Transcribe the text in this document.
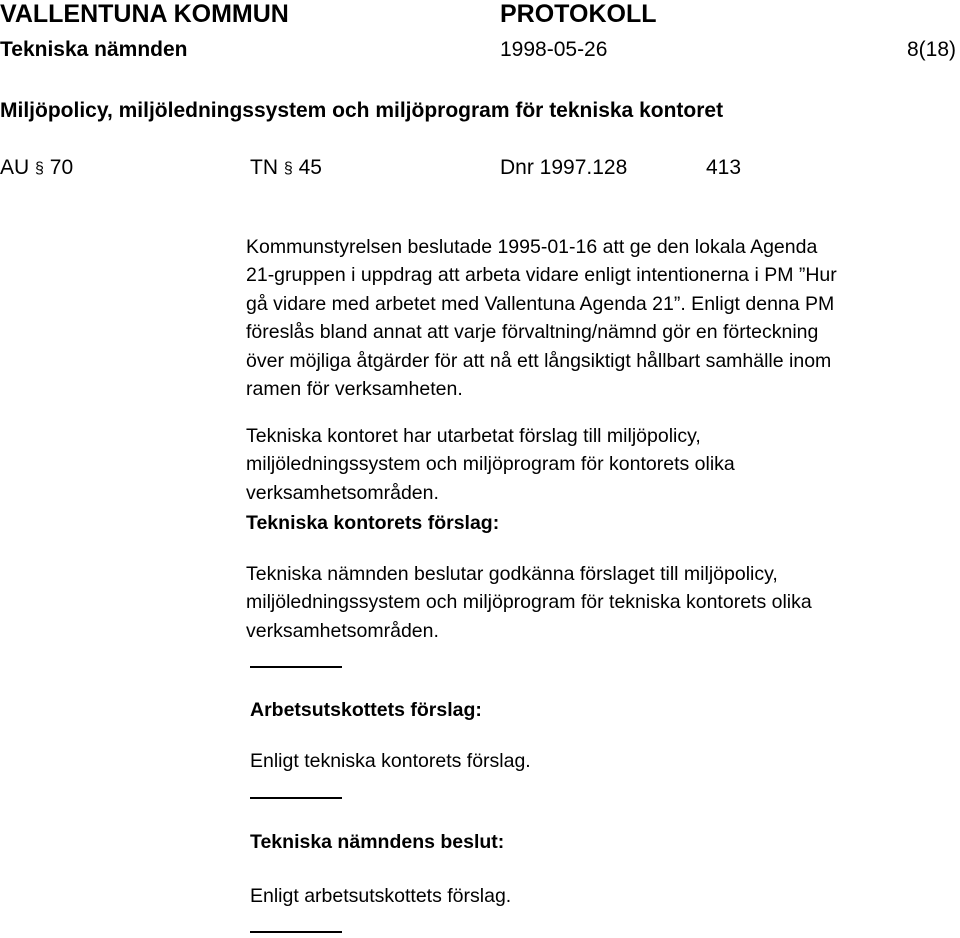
VALLENTUNA KOMMUN	PROTOKOLL
Tekniska nämnden	1998-05-26	8(18)
Miljöpolicy, miljöledningssystem och miljöprogram för tekniska kontoret
AU § 70	TN § 45	Dnr 1997.128	413
Kommunstyrelsen beslutade 1995-01-16 att ge den lokala Agenda
21-gruppen i uppdrag att arbeta vidare enligt intentionerna i PM ”Hur
gå vidare med arbetet med Vallentuna Agenda 21”. Enligt denna PM
föreslås bland annat att varje förvaltning/nämnd gör en förteckning
över möjliga åtgärder för att nå ett långsiktigt hållbart samhälle inom
ramen för verksamheten.
Tekniska kontoret har utarbetat förslag till miljöpolicy,
miljöledningssystem och miljöprogram för kontorets olika
verksamhetsområden.
Tekniska kontorets förslag:
Tekniska nämnden beslutar godkänna förslaget till miljöpolicy,
miljöledningssystem och miljöprogram för tekniska kontorets olika
verksamhetsområden.
Arbetsutskottets förslag:
Enligt tekniska kontorets förslag.
Tekniska nämndens beslut:
Enligt arbetsutskottets förslag.
